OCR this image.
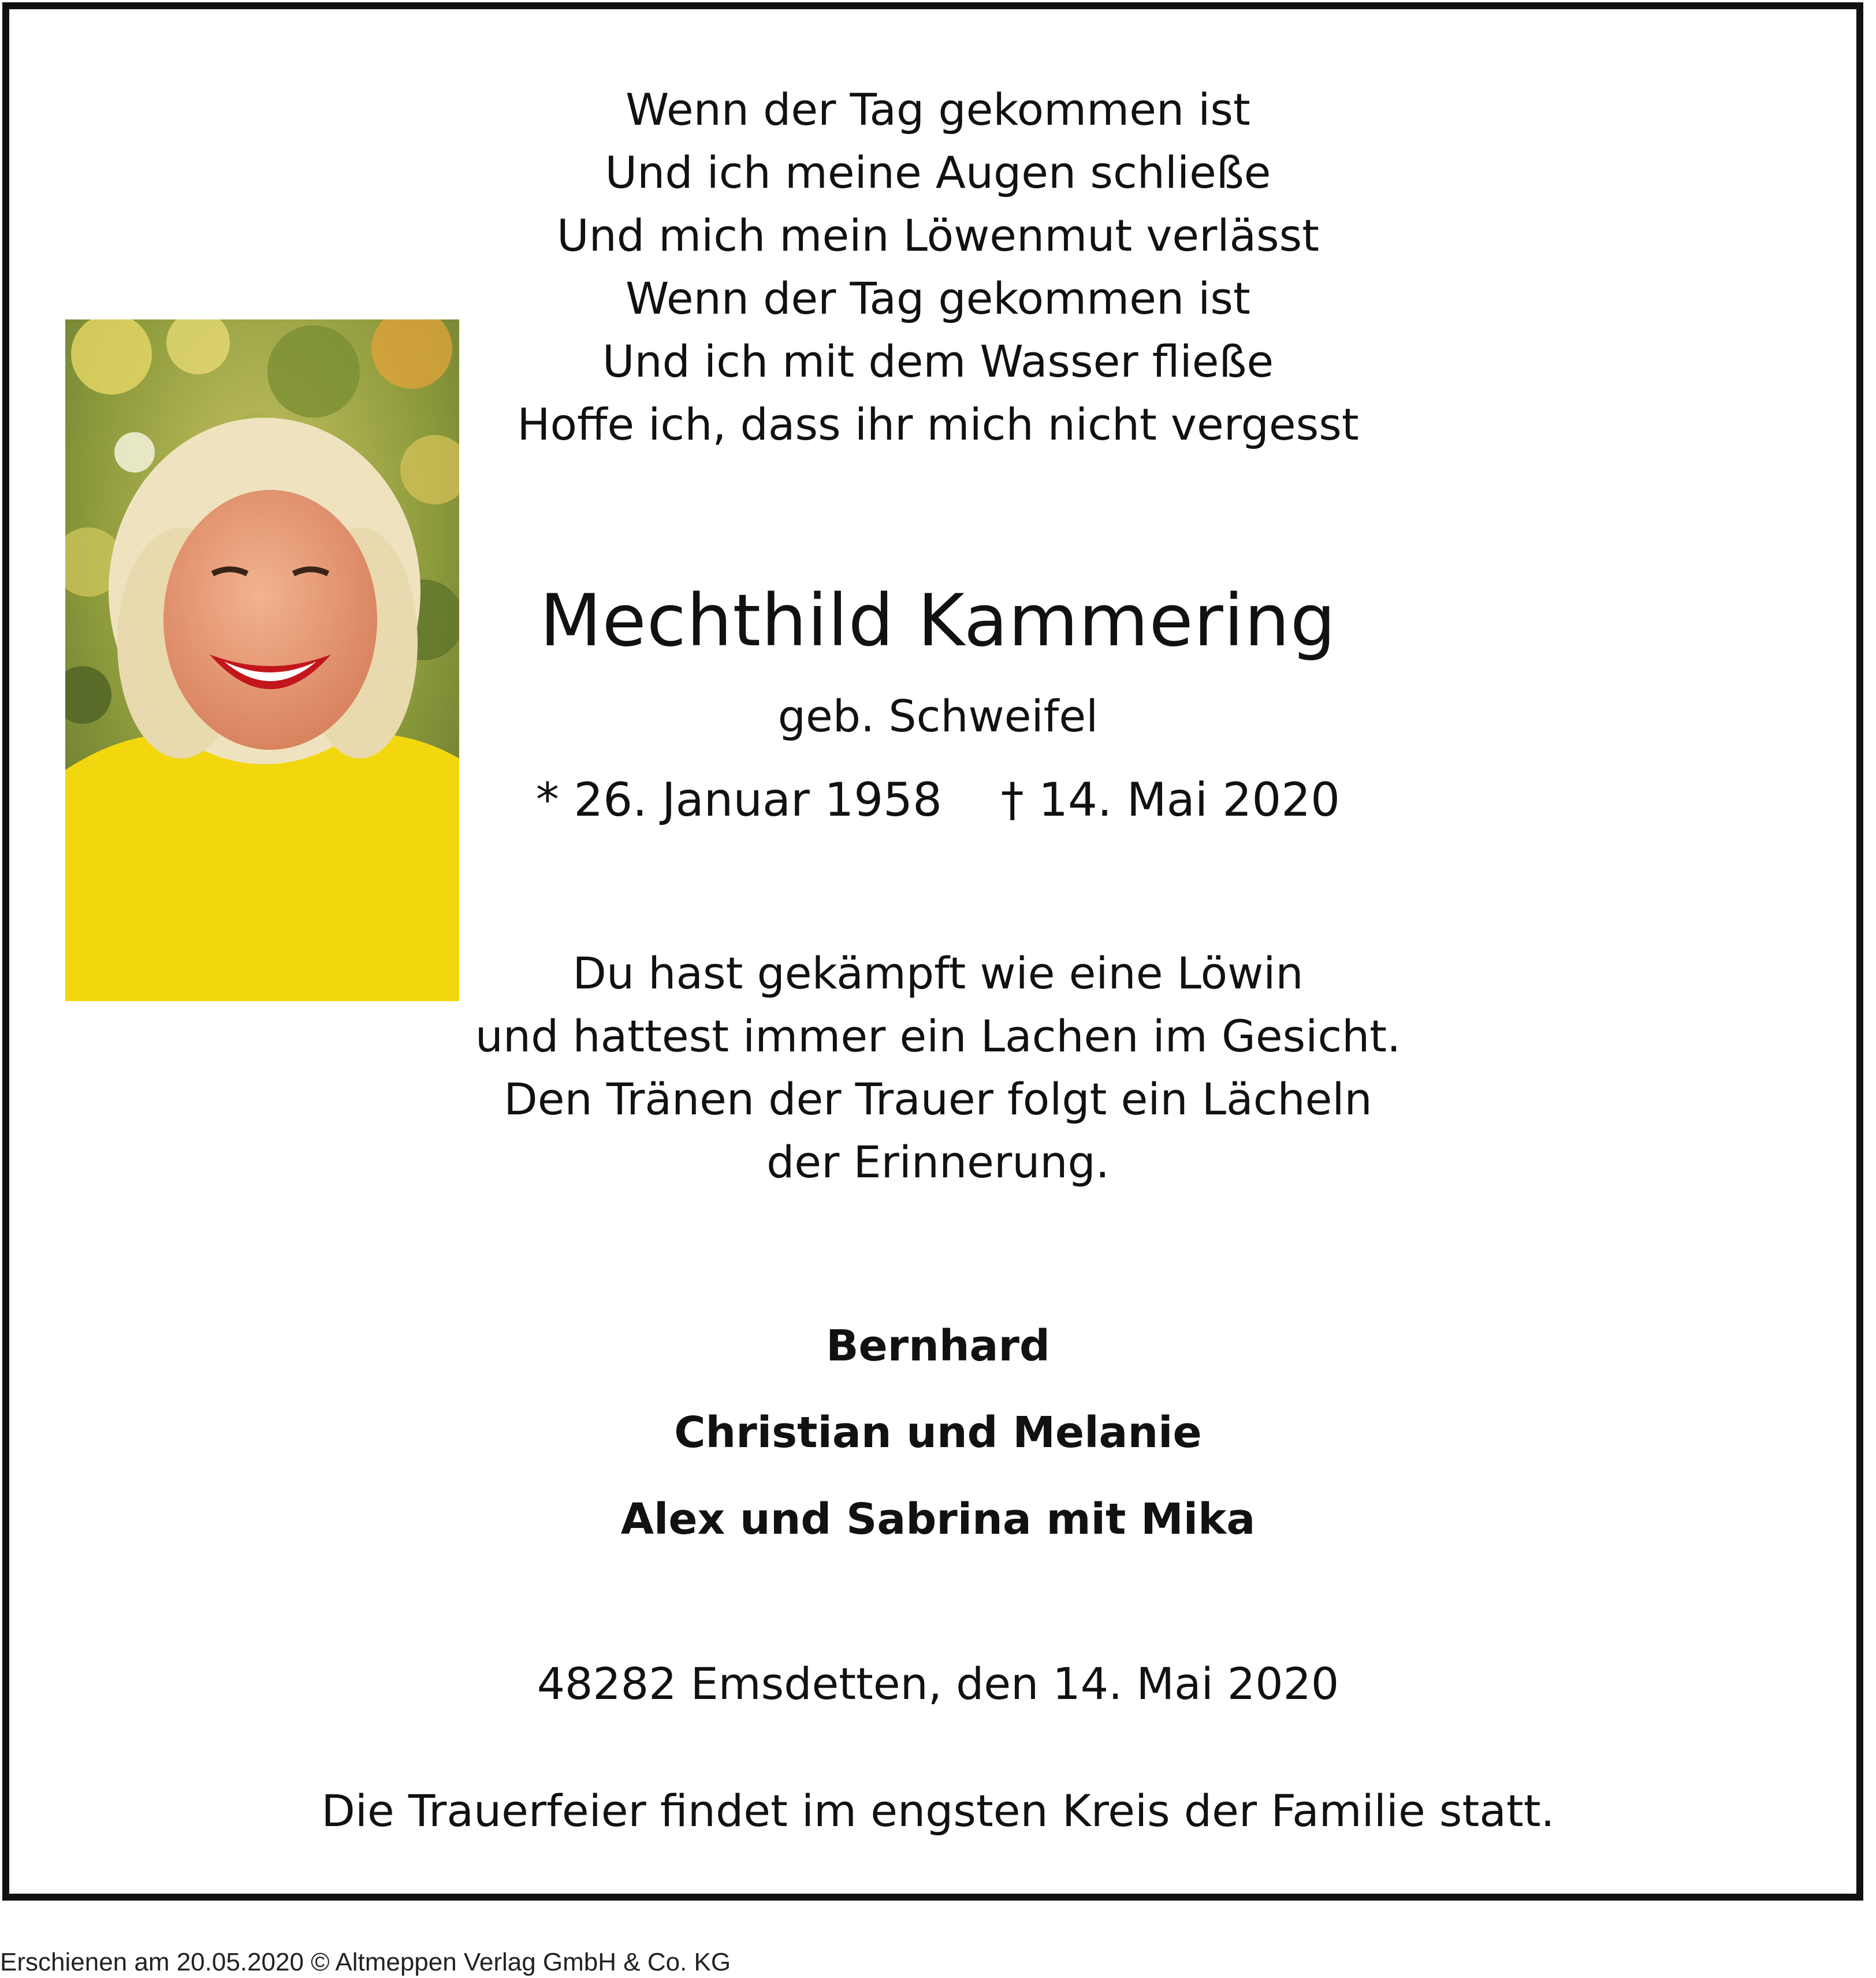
Wenn der Tag gekommen ist
Und ich meine Augen schließe
Und mich mein Löwenmut verlässt
Wenn der Tag gekommen ist
Und ich mit dem Wasser fließe
Hoffe ich, dass ihr mich nicht vergesst
Mechthild Kammering
geb. Schweifel
* 26. Januar 1958    † 14. Mai 2020
Du hast gekämpft wie eine Löwin
und hattest immer ein Lachen im Gesicht.
Den Tränen der Trauer folgt ein Lächeln
der Erinnerung.
Bernhard
Christian und Melanie
Alex und Sabrina mit Mika
48282 Emsdetten, den 14. Mai 2020
Die Trauerfeier findet im engsten Kreis der Familie statt.
Erschienen am 20.05.2020 © Altmeppen Verlag GmbH & Co. KG
